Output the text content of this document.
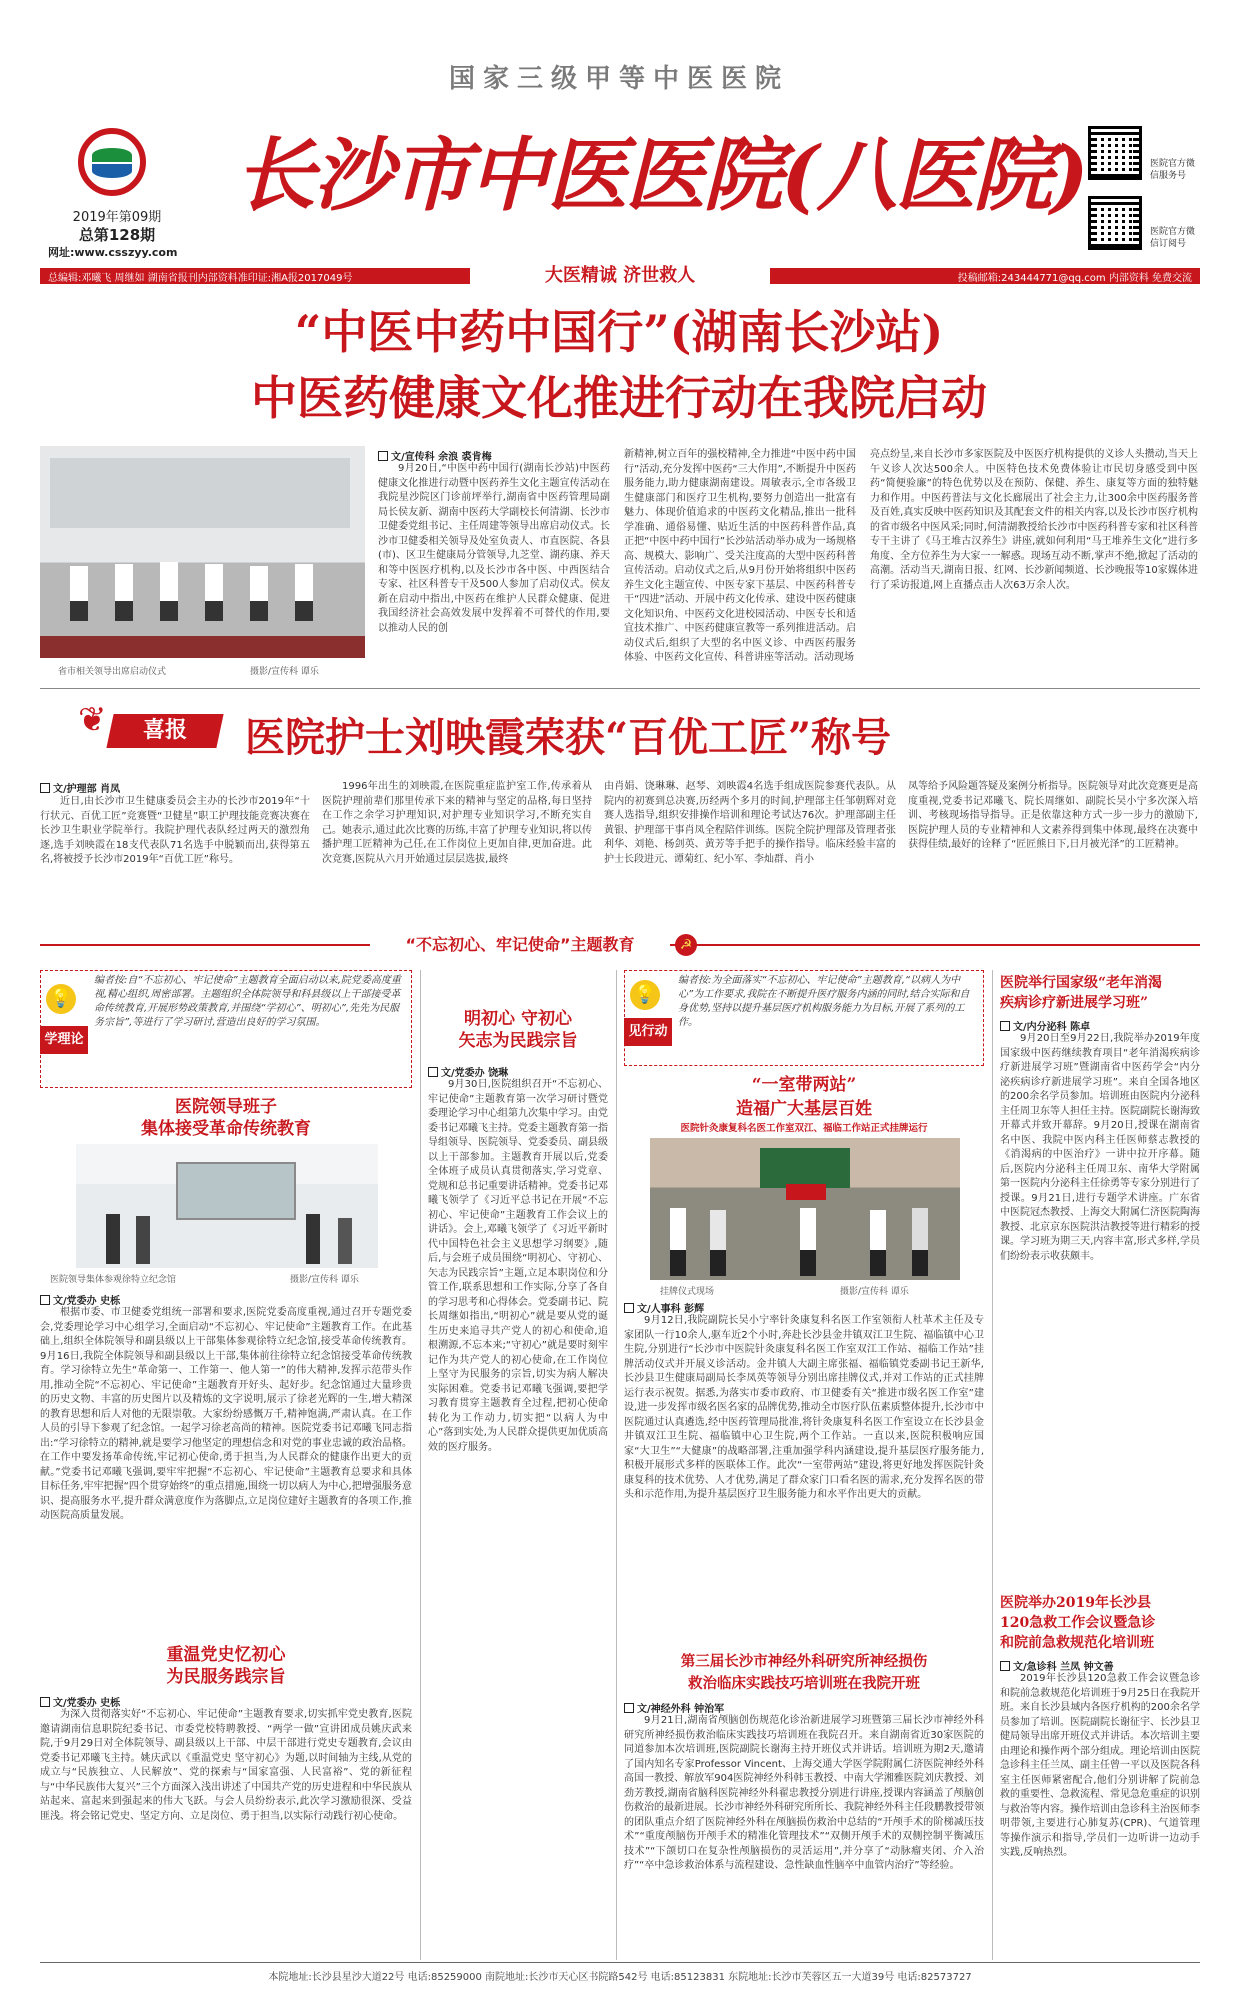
国家三级甲等中医医院
2019年第09期
总第128期
网址:www.csszyy.com
长沙市中医医院(八医院)	医院官方微信服务号
医院官方微信订阅号
总编辑:邓曦飞 周继如 湖南省报刊内部资料准印证:湘A报2017049号	投稿邮箱:243444771@qq.com 内部资料 免费交流
大医精诚 济世救人
“中医中药中国行”(湖南长沙站)
中医药健康文化推进行动在我院启动
省市相关领导出席启动仪式	摄影/宣传科 谭乐
文/宣传科 余浪 裘肯梅
9月20日,“中医中药中国行(湖南长沙站)中医药健康文化推进行动暨中医药养生文化主题宣传活动在我院星沙院区门诊前坪举行,湖南省中医药管理局副局长侯友新、湖南中医药大学副校长何清湖、长沙市卫健委党组书记、主任周建等领导出席启动仪式。长沙市卫健委相关领导及处室负责人、市直医院、各县(市)、区卫生健康局分管领导,九芝堂、湖药康、养天和等中医医疗机构,以及长沙市各中医、中西医结合专家、社区科普专干及500人参加了启动仪式。侯友新在启动中指出,中医药在维护人民群众健康、促进我国经济社会高效发展中发挥着不可替代的作用,要以推动人民的创
新精神,树立百年的强校精神,全力推进“中医中药中国行”活动,充分发挥中医药“三大作用”,不断提升中医药服务能力,助力健康湖南建设。周敏表示,全市各级卫生健康部门和医疗卫生机构,要努力创造出一批富有魅力、体现价值追求的中医药文化精品,推出一批科学准确、通俗易懂、贴近生活的中医药科普作品,真正把“中医中药中国行”长沙站活动举办成为一场规格高、规模大、影响广、受关注度高的大型中医药科普宣传活动。启动仪式之后,从9月份开始将组织中医药养生文化主题宣传、中医专家下基层、中医药科普专干“四进”活动、开展中药文化传承、建设中医药健康文化知识角、中医药文化进校园活动、中医专长和适宜技术推广、中医药健康宣教等一系列推进活动。启动仪式后,组织了大型的名中医义诊、中西医药服务体验、中医药文化宣传、科普讲座等活动。活动现场
亮点纷呈,来自长沙市多家医院及中医医疗机构提供的义诊人头攒动,当天上午义诊人次达500余人。中医特色技术免费体验让市民切身感受到中医药“简便验廉”的特色优势以及在预防、保健、养生、康复等方面的独特魅力和作用。中医药普法与文化长廊展出了社会主力,让300余中医药服务普及百姓,真实反映中医药知识及其配套文件的相关内容,以及长沙市医疗机构的省市级名中医风采;同时,何清湖教授给长沙市中医药科普专家和社区科普专干主讲了《马王堆古汉养生》讲座,就如何利用“马王堆养生文化”进行多角度、全方位养生为大家一一解惑。现场互动不断,掌声不绝,掀起了活动的高潮。活动当天,湖南日报、红网、长沙新闻频道、长沙晚报等10家媒体进行了采访报道,网上直播点击人次63万余人次。
喜报
❦	医院护士刘映霞荣获“百优工匠”称号
文/护理部 肖凤
近日,由长沙市卫生健康委员会主办的长沙市2019年“十行状元、百优工匠”竞赛暨“卫健星”职工护理技能竞赛决赛在长沙卫生职业学院举行。我院护理代表队经过两天的激烈角逐,选手刘映霞在18支代表队71名选手中脱颖而出,获得第五名,将被授予长沙市2019年“百优工匠”称号。
1996年出生的刘映霞,在医院重症监护室工作,传承着从医院护理前辈们那里传承下来的精神与坚定的品格,每日坚持在工作之余学习护理知识,对护理专业知识学习,不断充实自己。她表示,通过此次比赛的历练,丰富了护理专业知识,将以传播护理工匠精神为己任,在工作岗位上更加自律,更加奋进。此次竞赛,医院从六月开始通过层层选拔,最终
由肖娟、饶琳琳、赵琴、刘映霞4名选手组成医院参赛代表队。从院内的初赛到总决赛,历经两个多月的时间,护理部主任邹朝辉对竞赛人选指导,组织安排操作培训和理论考试达76次。护理部副主任黄银、护理部干事肖凤全程陪伴训练。医院全院护理部及管理者张利华、刘艳、杨剑英、黄芳等手把手的操作指导。临床经验丰富的护士长段进元、谭菊红、纪小军、李灿群、肖小
凤等给予风险题答疑及案例分析指导。医院领导对此次竞赛更是高度重视,党委书记邓曦飞、院长周继如、副院长吴小宁多次深入培训、考核现场指导指导。正是依靠这种方式一步一步力的激励下,医院护理人员的专业精神和人文素养得到集中体现,最终在决赛中获得佳绩,最好的诠释了“匠匠熊日下,日月被光泽”的工匠精神。
“不忘初心、牢记使命”主题教育	☭
💡
学理论
编者按:自“不忘初心、牢记使命”主题教育全面启动以来,院党委高度重视,精心组织,周密部署。主题组织全体院领导和科县级以上干部接受革命传统教育,开展形势政策教育,并围绕“学初心”、明初心”,先先为民服务宗旨”,等进行了学习研讨,营造出良好的学习氛围。
医院领导班子
集体接受革命传统教育
医院领导集体参观徐特立纪念馆	摄影/宣传科 谭乐
文/党委办 史栎
根据市委、市卫健委党组统一部署和要求,医院党委高度重视,通过召开专题党委会,党委理论学习中心组学习,全面启动“不忘初心、牢记使命”主题教育工作。在此基础上,组织全体院领导和副县级以上干部集体参观徐特立纪念馆,接受革命传统教育。9月16日,我院全体院领导和副县级以上干部,集体前往徐特立纪念馆接受革命传统教育。学习徐特立先生“革命第一、工作第一、他人第一”的伟大精神,发挥示范带头作用,推动全院“不忘初心、牢记使命”主题教育开好头、起好步。纪念馆通过大量珍贵的历史文物、丰富的历史图片以及精炼的文字说明,展示了徐老光辉的一生,增大精深的教育思想和后人对他的无限崇敬。大家纷纷感慨万千,精神饱满,严肃认真。在工作人员的引导下参观了纪念馆。一起学习徐老高尚的精神。医院党委书记邓曦飞同志指出:“学习徐特立的精神,就是要学习他坚定的理想信念和对党的事业忠诚的政治品格。在工作中要发扬革命传统,牢记初心使命,勇于担当,为人民群众的健康作出更大的贡献。”党委书记邓曦飞强调,要牢牢把握“不忘初心、牢记使命”主题教育总要求和具体目标任务,牢牢把握“四个贯穿始终”的重点措施,围绕一切以病人为中心,把增强服务意识、提高服务水平,提升群众满意度作为落脚点,立足岗位建好主题教育的各项工作,推动医院高质量发展。
重温党史忆初心
为民服务践宗旨
文/党委办 史栎
为深入贯彻落实好“不忘初心、牢记使命”主题教育要求,切实抓牢党史教育,医院邀请湖南信息职院纪委书记、市委党校特聘教授、“两学一做”宣讲团成员姚庆武来院,于9月29日对全体院领导、副县级以上干部、中层干部进行党史专题教育,会议由党委书记邓曦飞主持。姚庆武以《重温党史 坚守初心》为题,以时间轴为主线,从党的成立与“民族独立、人民解放”、党的探索与“国家富强、人民富裕”、党的新征程与“中华民族伟大复兴”三个方面深入浅出讲述了中国共产党的历史进程和中华民族从站起来、富起来到强起来的伟大飞跃。与会人员纷纷表示,此次学习激励很深、受益匪浅。将会铭记党史、坚定方向、立足岗位、勇于担当,以实际行动践行初心使命。
明初心 守初心
矢志为民践宗旨
文/党委办 饶琳
9月30日,医院组织召开“不忘初心、牢记使命”主题教育第一次学习研讨暨党委理论学习中心组第九次集中学习。由党委书记邓曦飞主持。党委主题教育第一指导组领导、医院领导、党委委员、副县级以上干部参加。主题教育开展以后,党委全体班子成员认真贯彻落实,学习党章、党规和总书记重要讲话精神。党委书记邓曦飞领学了《习近平总书记在开展“不忘初心、牢记使命”主题教育工作会议上的讲话》。会上,邓曦飞领学了《习近平新时代中国特色社会主义思想学习纲要》,随后,与会班子成员围绕“明初心、守初心、矢志为民践宗旨”主题,立足本职岗位和分管工作,联系思想和工作实际,分享了各自的学习思考和心得体会。党委副书记、院长周继如指出,“明初心”就是要从党的诞生历史来追寻共产党人的初心和使命,追根溯源,不忘本来;“守初心”就是要时刻牢记作为共产党人的初心使命,在工作岗位上坚守为民服务的宗旨,切实为病人解决实际困难。党委书记邓曦飞强调,要把学习教育贯穿主题教育全过程,把初心使命转化为工作动力,切实把“以病人为中心”落到实处,为人民群众提供更加优质高效的医疗服务。
💡
见行动
编者按:为全面落实“不忘初心、牢记使命”主题教育,“以病人为中心”为工作要求,我院在不断提升医疗服务内涵的同时,结合实际和自身优势,坚持以提升基层医疗机构服务能力为目标,开展了系列的工作。
“一室带两站”
造福广大基层百姓
医院针灸康复科名医工作室双江、福临工作站正式挂牌运行
挂牌仪式现场	摄影/宣传科 谭乐
文/人事科 彭辉
9月12日,我院副院长吴小宁率针灸康复科名医工作室领衔人杜革术主任及专家团队一行10余人,驱车近2个小时,奔赴长沙县金井镇双江卫生院、福临镇中心卫生院,分别进行“长沙市中医院针灸康复科名医工作室双江工作站、福临工作站”挂牌活动仪式并开展义诊活动。金井镇人大副主席张福、福临镇党委副书记王新华,长沙县卫生健康局副局长李凤英等领导分别出席挂牌仪式,并对工作站的正式挂牌运行表示祝贺。据悉,为落实市委市政府、市卫健委有关“推进市级名医工作室”建设,进一步发挥市级名医名家的品牌优势,推动全市医疗队伍素质整体提升,长沙市中医院通过认真遴选,经中医药管理局批准,将针灸康复科名医工作室设立在长沙县金井镇双江卫生院、福临镇中心卫生院,两个工作站。一直以来,医院积极响应国家“大卫生”“大健康”的战略部署,注重加强学科内涵建设,提升基层医疗服务能力,积极开展形式多样的医联体工作。此次“一室带两站”建设,将更好地发挥医院针灸康复科的技术优势、人才优势,满足了群众家门口看名医的需求,充分发挥名医的带头和示范作用,为提升基层医疗卫生服务能力和水平作出更大的贡献。
第三届长沙市神经外科研究所神经损伤
救治临床实践技巧培训班在我院开班
文/神经外科 钟治军
9月21日,湖南省颅脑创伤规范化诊治新进展学习班暨第三届长沙市神经外科研究所神经损伤救治临床实践技巧培训班在我院召开。来自湖南省近30家医院的同道参加本次培训班,医院副院长谢海主持开班仪式并讲话。培训班为期2天,邀请了国内知名专家Professor Vincent、上海交通大学医学院附属仁济医院神经外科高国一教授、解放军904医院神经外科韩玉教授、中南大学湘雅医院刘庆教授、刘劲芳教授,湖南省脑科医院神经外科翟忠教授分别进行讲座,授课内容涵盖了颅脑创伤救治的最新进展。长沙市神经外科研究所所长、我院神经外科主任段鹏教授带领的团队重点介绍了医院神经外科在颅脑损伤救治中总结的“开颅手术的阶梯减压技术”“重度颅脑伤开颅手术的精准化管理技术”“双侧开颅手术的双侧控制平衡减压技术”“下颌切口在复杂性颅脑损伤的灵活运用”,并分享了“动脉瘤夹闭、介入治疗”“卒中急诊救治体系与流程建设、急性缺血性脑卒中血管内治疗”等经验。
医院举行国家级“老年消渴
疾病诊疗新进展学习班”
文/内分泌科 陈卓
9月20日至9月22日,我院举办2019年度国家级中医药继续教育项目“老年消渴疾病诊疗新进展学习班”暨湖南省中医药学会“内分泌疾病诊疗新进展学习班”。来自全国各地区的200余名学员参加。培训班由医院内分泌科主任周卫东等人担任主持。医院副院长谢海致开幕式并致开幕辞。9月20日,授课在湖南省名中医、我院中医内科主任医师蔡志教授的《消渴病的中医治疗》一讲中拉开序幕。随后,医院内分泌科主任周卫东、南华大学附属第一医院内分泌科主任徐勇等专家分别进行了授课。9月21日,进行专题学术讲座。广东省中医院冠杰教授、上海交大附属仁济医院陶海教授、北京京东医院洪洁教授等进行精彩的授课。学习班为期三天,内容丰富,形式多样,学员们纷纷表示收获颇丰。
医院举办2019年长沙县
120急救工作会议暨急诊
和院前急救规范化培训班
文/急诊科 兰凤 钟文善
2019年长沙县120急救工作会议暨急诊和院前急救规范化培训班于9月25日在我院开班。来自长沙县域内各医疗机构的200余名学员参加了培训。医院副院长谢征宇、长沙县卫健局领导出席开班仪式并讲话。本次培训主要由理论和操作两个部分组成。理论培训由医院急诊科主任兰凤、副主任曾一平以及医院各科室主任医师紧密配合,他们分别讲解了院前急救的重要性、急救流程、常见急危重症的识别与救治等内容。操作培训由急诊科主治医师李明带领,主要进行心肺复苏(CPR)、气道管理等操作演示和指导,学员们一边听讲一边动手实践,反响热烈。
本院地址:长沙县星沙大道22号 电话:85259000 南院地址:长沙市天心区书院路542号 电话:85123831 东院地址:长沙市芙蓉区五一大道39号 电话:82573727
